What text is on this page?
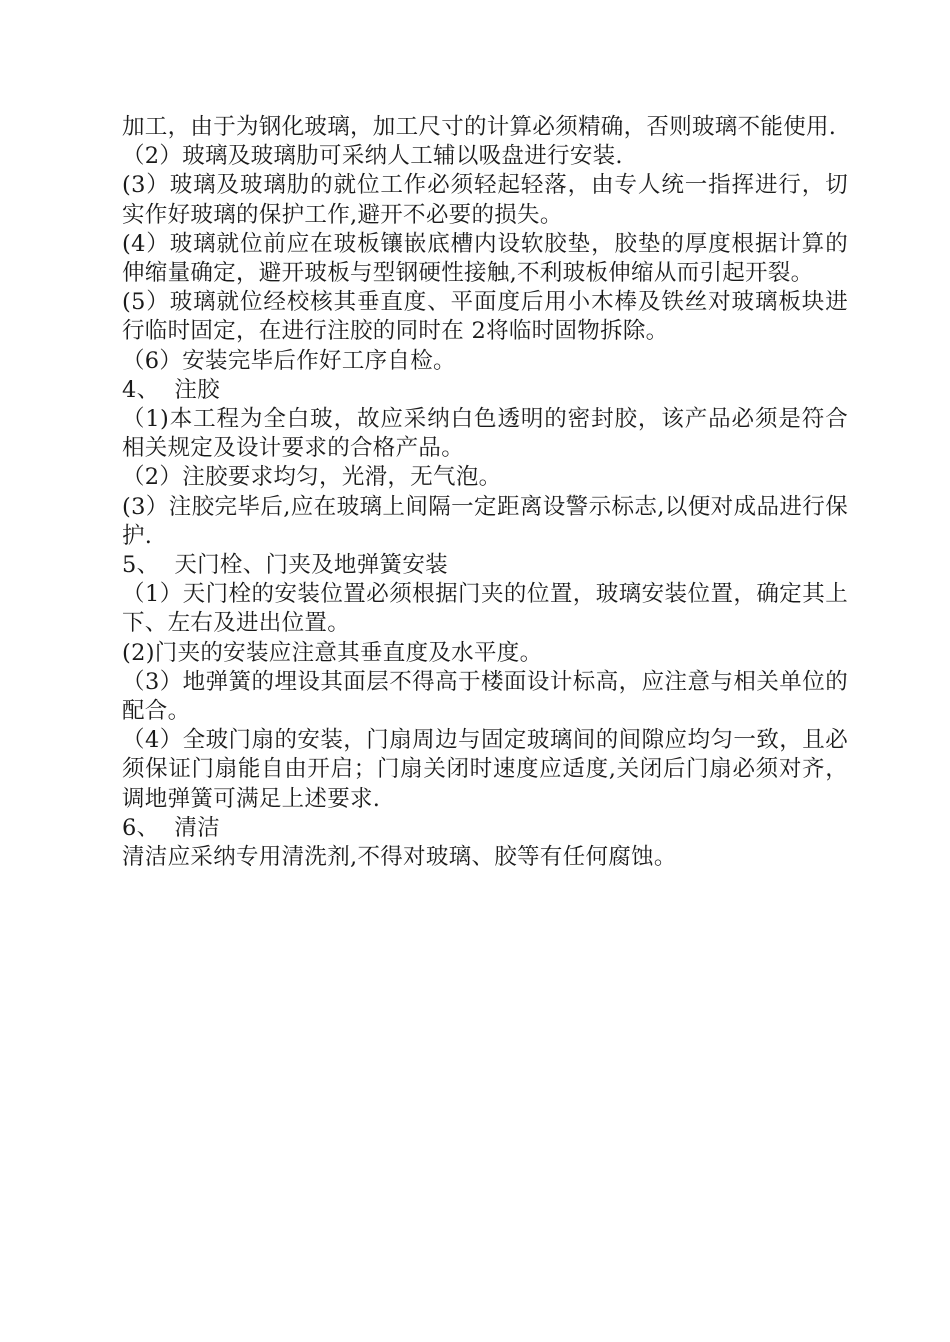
加工，由于为钢化玻璃，加工尺寸的计算必须精确，否则玻璃不能使用.

（2）玻璃及玻璃肋可采纳人工辅以吸盘进行安装.

(3）玻璃及玻璃肋的就位工作必须轻起轻落，由专人统一指挥进行，切实作好玻璃的保护工作,避开不必要的损失。

(4）玻璃就位前应在玻板镶嵌底槽内设软胶垫，胶垫的厚度根据计算的伸缩量确定，避开玻板与型钢硬性接触,不利玻板伸缩从而引起开裂。

(5）玻璃就位经校核其垂直度、平面度后用小木棒及铁丝对玻璃板块进行临时固定，在进行注胶的同时在 2将临时固物拆除。

（6）安装完毕后作好工序自检。

4、  注胶

（1)本工程为全白玻，故应采纳白色透明的密封胶，该产品必须是符合相关规定及设计要求的合格产品。

（2）注胶要求均匀，光滑，无气泡。

(3）注胶完毕后,应在玻璃上间隔一定距离设警示标志,以便对成品进行保护.

5、  天门栓、门夹及地弹簧安装

（1）天门栓的安装位置必须根据门夹的位置，玻璃安装位置，确定其上下、左右及进出位置。

(2)门夹的安装应注意其垂直度及水平度。

（3）地弹簧的埋设其面层不得高于楼面设计标高，应注意与相关单位的配合。

（4）全玻门扇的安装，门扇周边与固定玻璃间的间隙应均匀一致，且必须保证门扇能自由开启；门扇关闭时速度应适度,关闭后门扇必须对齐，调地弹簧可满足上述要求.

6、  清洁

清洁应采纳专用清洗剂,不得对玻璃、胶等有任何腐蚀。
